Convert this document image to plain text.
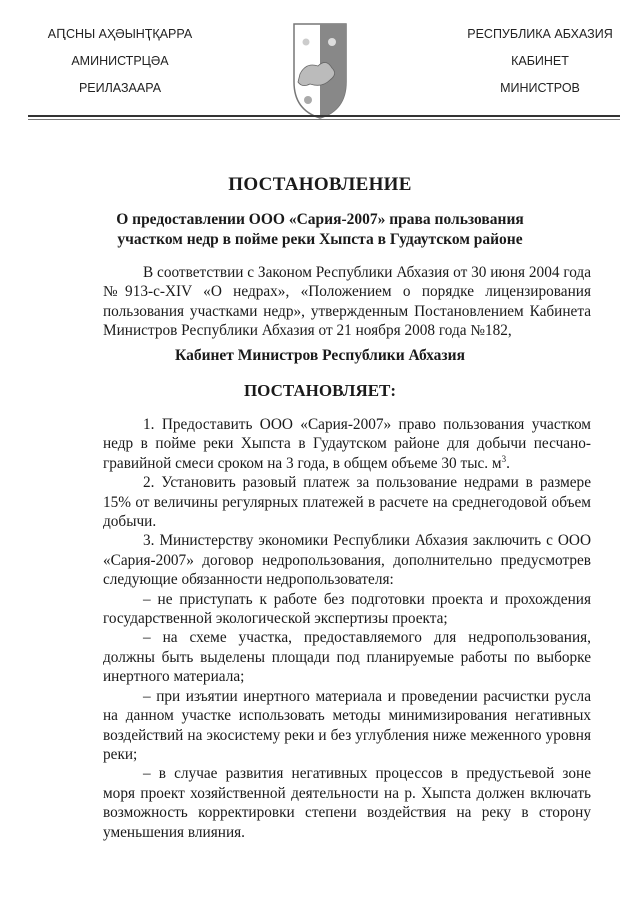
АԤСНЫ АҲӘЫНҬҚАРРА
АМИНИСТРЦӘА
РЕИЛАЗААРА
РЕСПУБЛИКА АБХАЗИЯ
КАБИНЕТ
МИНИСТРОВ
ПОСТАНОВЛЕНИЕ
О предоставлении ООО «Сария-2007» права пользования
участком недр в пойме реки Хыпста в Гудаутском районе

В соответствии с Законом Республики Абхазия от 30 июня 2004 года №913-с-XIV «О недрах», «Положением о порядке лицензирования пользования участками недр», утвержденным Постановлением Кабинета Министров Республики Абхазия от 21 ноября 2008 года №182,

Кабинет Министров Республики Абхазия
ПОСТАНОВЛЯЕТ:

1. Предоставить ООО «Сария-2007» право пользования участком недр в пойме реки Хыпста в Гудаутском районе для добычи песчано-гравийной смеси сроком на 3 года, в общем объеме 30 тыс. $м^3$.

2. Установить разовый платеж за пользование недрами в размере 15% от величины регулярных платежей в расчете на среднегодовой объем добычи.

3. Министерству экономики Республики Абхазия заключить с ООО «Сария-2007» договор недропользования, дополнительно предусмотрев следующие обязанности недропользователя:

– не приступать к работе без подготовки проекта и прохождения государственной экологической экспертизы проекта;

– на схеме участка, предоставляемого для недропользования, должны быть выделены площади под планируемые работы по выборке инертного материала;

– при изъятии инертного материала и проведении расчистки русла на данном участке использовать методы минимизирования негативных воздействий на экосистему реки и без углубления ниже меженного уровня реки;

– в случае развития негативных процессов в предустьевой зоне моря проект хозяйственной деятельности на р. Хыпста должен включать возможность корректировки степени воздействия на реку в сторону уменьшения влияния.
